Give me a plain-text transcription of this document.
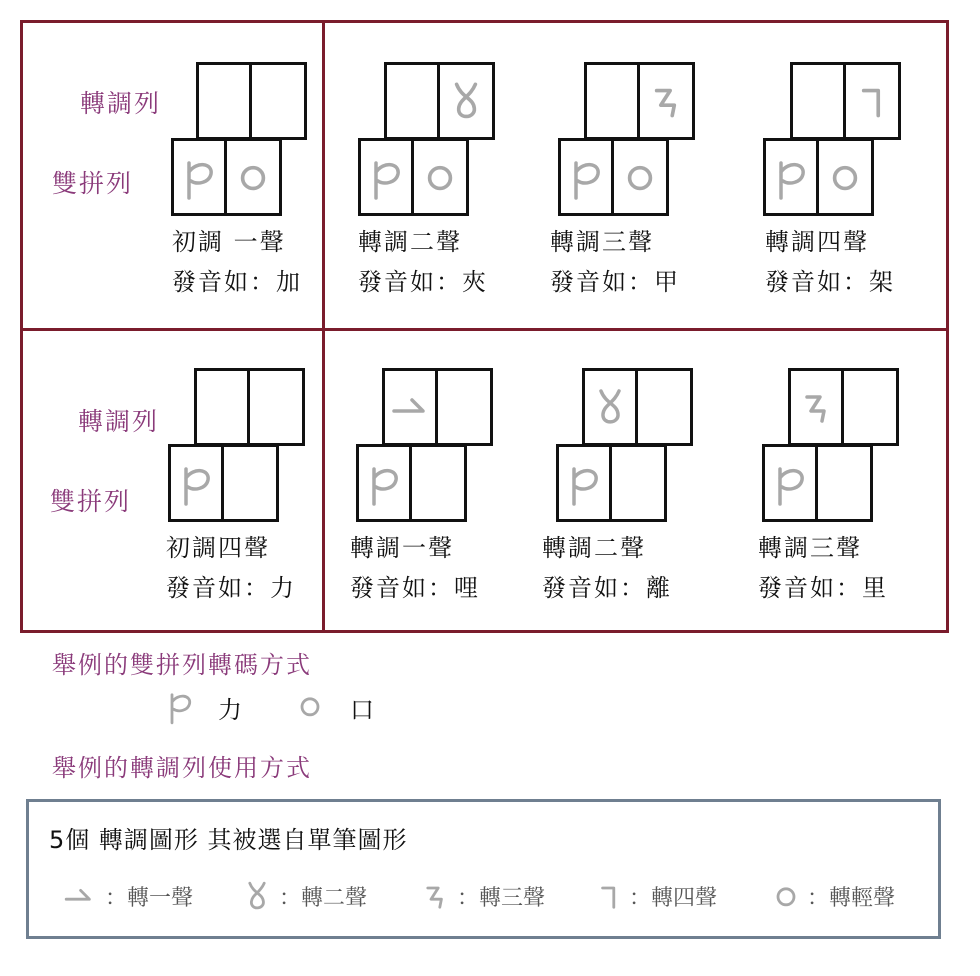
轉調列
雙拼列
初調 一聲
發音如：加
轉調二聲
發音如：夾
轉調三聲
發音如：甲
轉調四聲
發音如：架
轉調列
雙拼列
初調四聲
發音如：力
轉調一聲
發音如：哩
轉調二聲
發音如：離
轉調三聲
發音如：里
舉例的雙拼列轉碼方式
力	口
舉例的轉調列使用方式
5個 轉調圖形 其被選自單筆圖形
：轉一聲	：轉二聲	：轉三聲	：轉四聲	：轉輕聲
